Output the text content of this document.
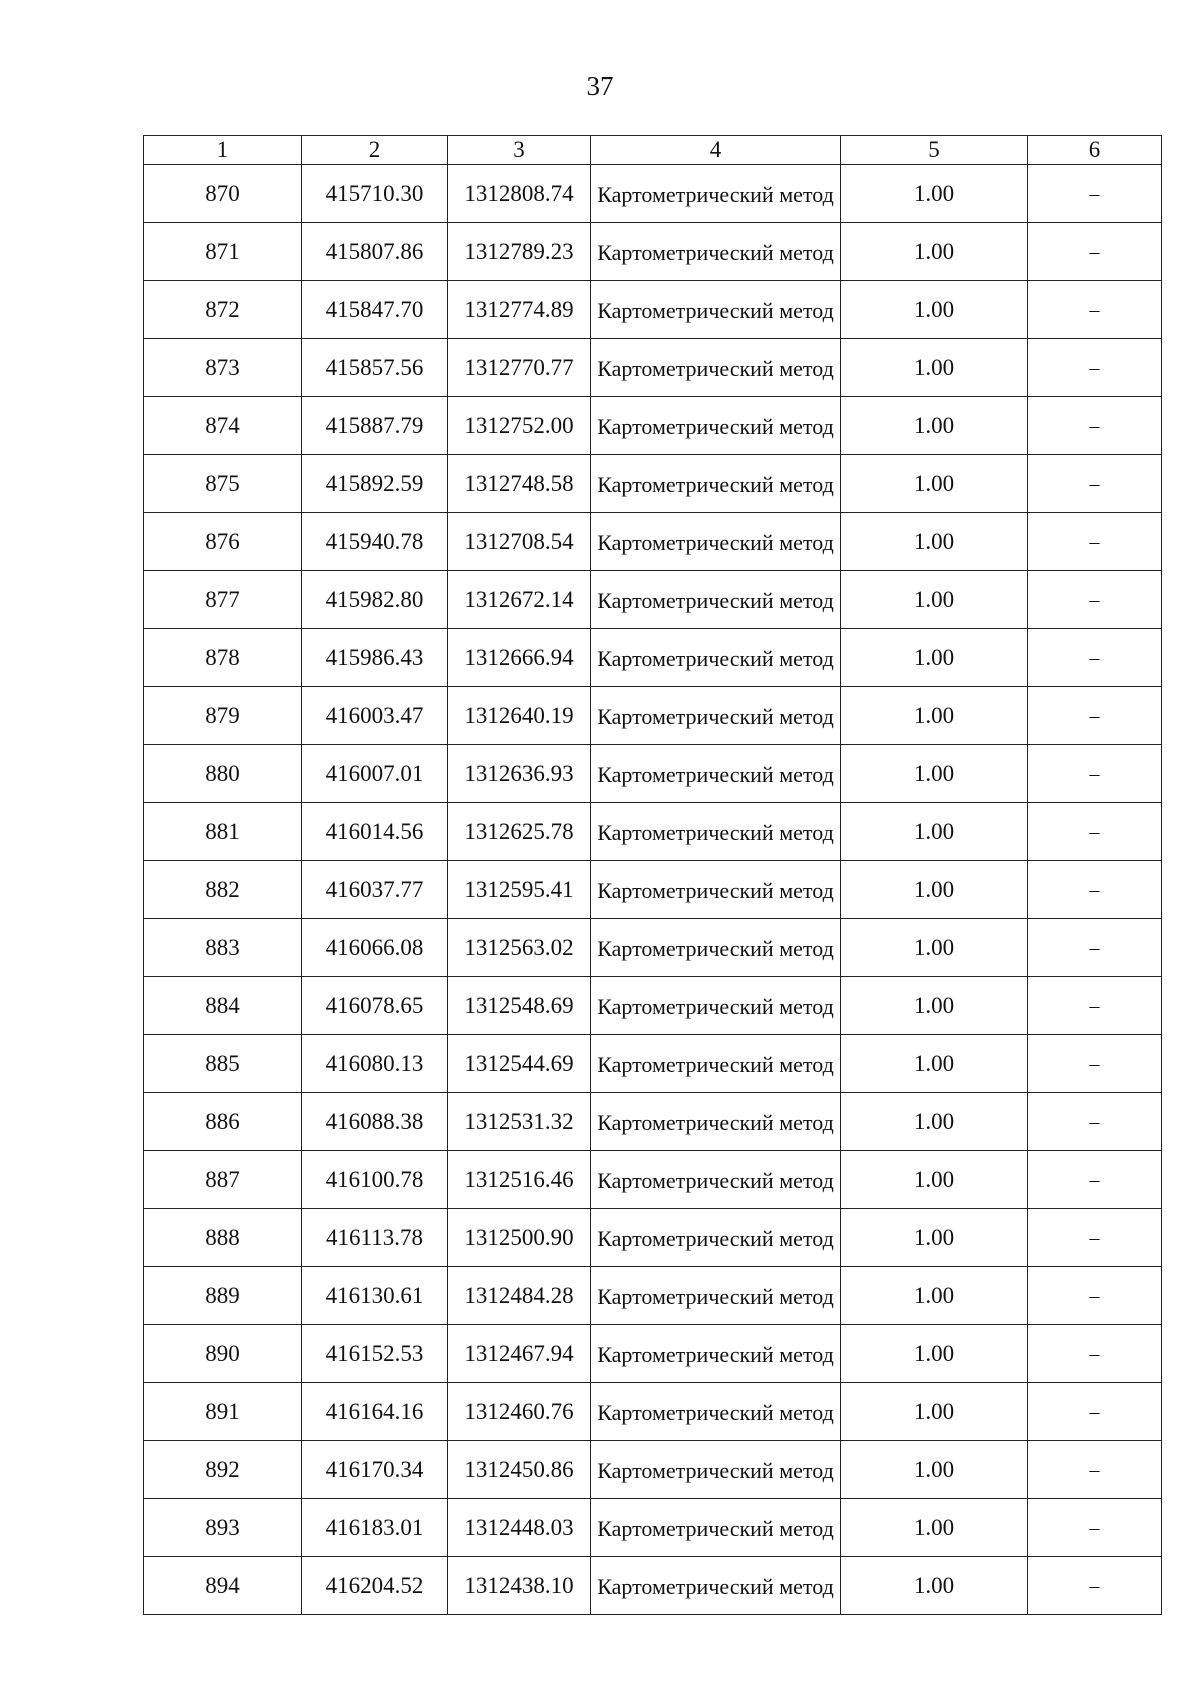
37
1	2	3	4	5	6
870	415710.30	1312808.74	Картометрический метод	1.00	–
871	415807.86	1312789.23	Картометрический метод	1.00	–
872	415847.70	1312774.89	Картометрический метод	1.00	–
873	415857.56	1312770.77	Картометрический метод	1.00	–
874	415887.79	1312752.00	Картометрический метод	1.00	–
875	415892.59	1312748.58	Картометрический метод	1.00	–
876	415940.78	1312708.54	Картометрический метод	1.00	–
877	415982.80	1312672.14	Картометрический метод	1.00	–
878	415986.43	1312666.94	Картометрический метод	1.00	–
879	416003.47	1312640.19	Картометрический метод	1.00	–
880	416007.01	1312636.93	Картометрический метод	1.00	–
881	416014.56	1312625.78	Картометрический метод	1.00	–
882	416037.77	1312595.41	Картометрический метод	1.00	–
883	416066.08	1312563.02	Картометрический метод	1.00	–
884	416078.65	1312548.69	Картометрический метод	1.00	–
885	416080.13	1312544.69	Картометрический метод	1.00	–
886	416088.38	1312531.32	Картометрический метод	1.00	–
887	416100.78	1312516.46	Картометрический метод	1.00	–
888	416113.78	1312500.90	Картометрический метод	1.00	–
889	416130.61	1312484.28	Картометрический метод	1.00	–
890	416152.53	1312467.94	Картометрический метод	1.00	–
891	416164.16	1312460.76	Картометрический метод	1.00	–
892	416170.34	1312450.86	Картометрический метод	1.00	–
893	416183.01	1312448.03	Картометрический метод	1.00	–
894	416204.52	1312438.10	Картометрический метод	1.00	–
